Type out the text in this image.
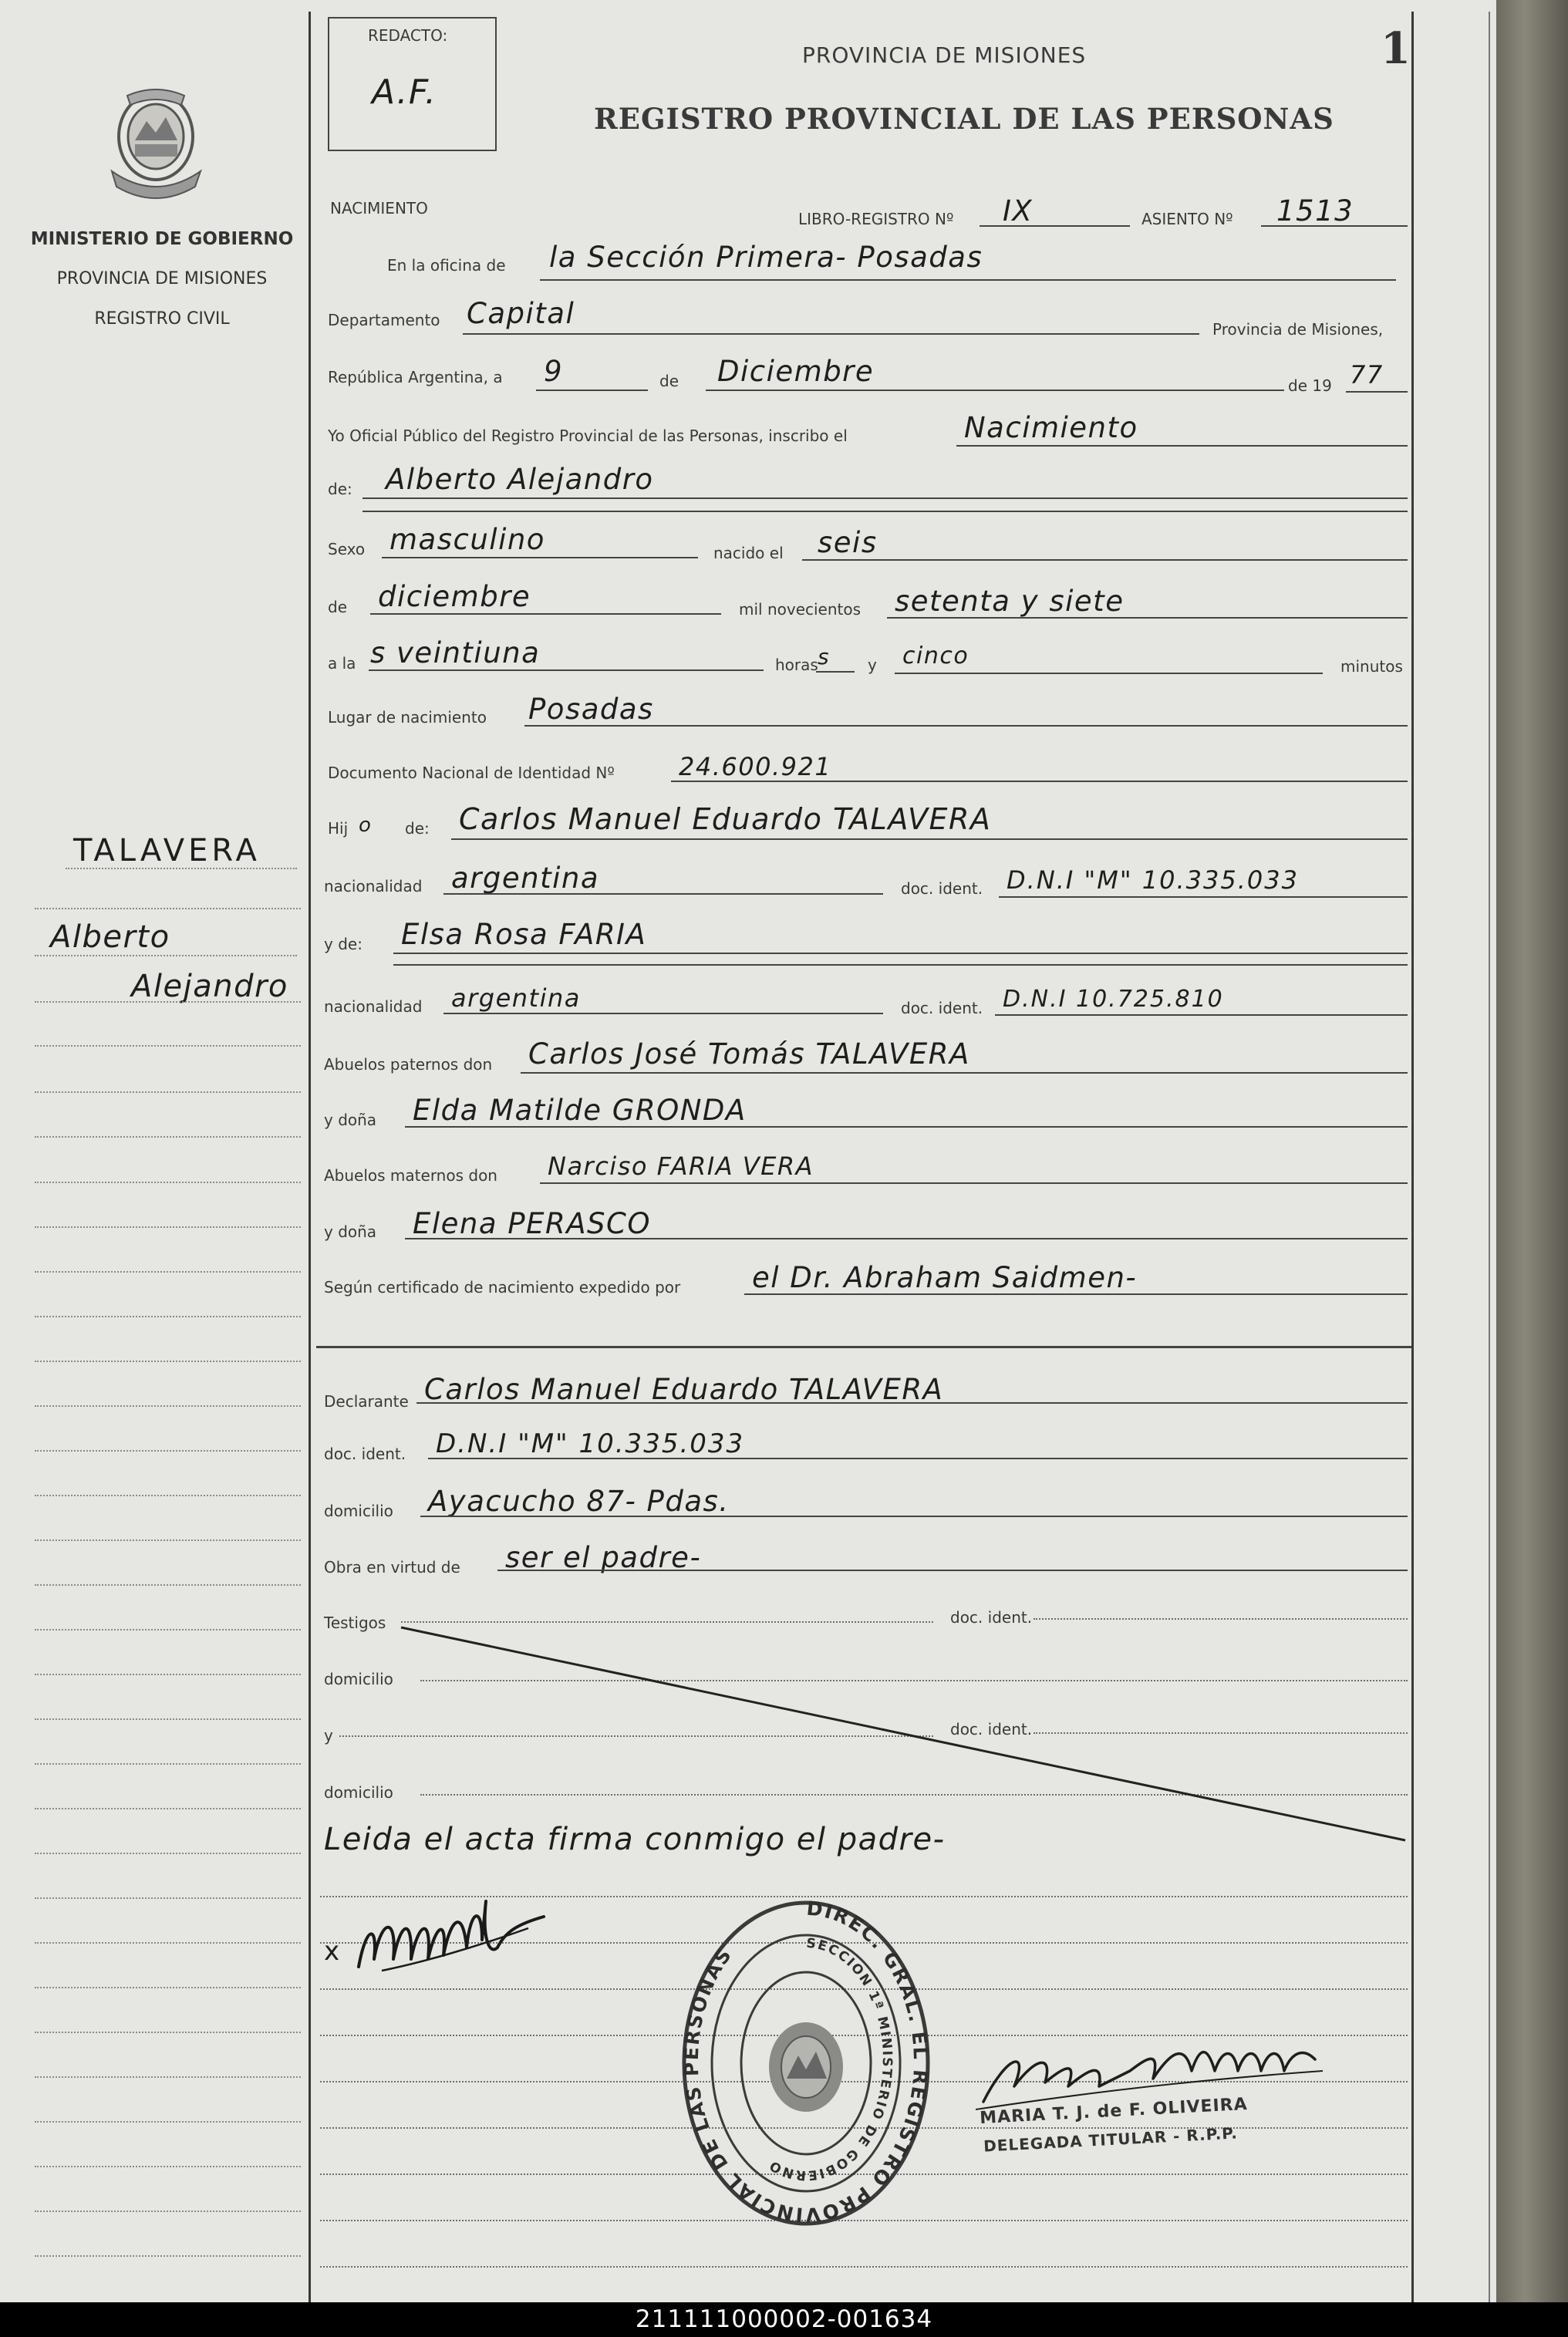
MINISTERIO DE GOBIERNO
PROVINCIA DE MISIONES
REGISTRO CIVIL
REDACTO:
A.F.
PROVINCIA DE MISIONES
REGISTRO PROVINCIAL DE LAS PERSONAS
1
TALAVERA
Alberto
Alejandro
NACIMIENTO
LIBRO-REGISTRO Nº IX	ASIENTO Nº 1513
En la oficina de la Sección Primera- Posadas
Departamento Capital	Provincia de Misiones,
República Argentina, a 9	de Diciembre	de 19 77
Yo Oficial Público del Registro Provincial de las Personas, inscribo el	Nacimiento
de: Alberto Alejandro
Sexo masculino	nacido el seis
de diciembre	mil novecientos setenta y siete
a la s veintiuna	horas s y cinco	minutos
Lugar de nacimiento Posadas
Documento Nacional de Identidad Nº	24.600.921
Hij o de: Carlos Manuel Eduardo TALAVERA
nacionalidad argentina	doc. ident. D.N.I "M" 10.335.033
y de: Elsa Rosa FARIA
nacionalidad argentina	doc. ident. D.N.I 10.725.810
Abuelos paternos don Carlos José Tomás TALAVERA
y doña Elda Matilde GRONDA
Abuelos maternos don Narciso FARIA VERA
y doña Elena PERASCO
Según certificado de nacimiento expedido por	el Dr. Abraham Saidmen-
Declarante Carlos Manuel Eduardo TALAVERA
doc. ident. D.N.I "M" 10.335.033
domicilio Ayacucho 87- Pdas.
Obra en virtud de ser el padre-
Testigos	doc. ident.
domicilio
y	doc. ident.
domicilio
Leida el acta firma conmigo el padre-
x
DIREC. GRAL. EL REGISTRO PROVINCIAL DE LAS PERSONAS	SECCION 1ª MINISTERIO DE GOBIERNO
MARIA T. J. de F. OLIVEIRA
DELEGADA TITULAR - R.P.P.
211111000002-001634
